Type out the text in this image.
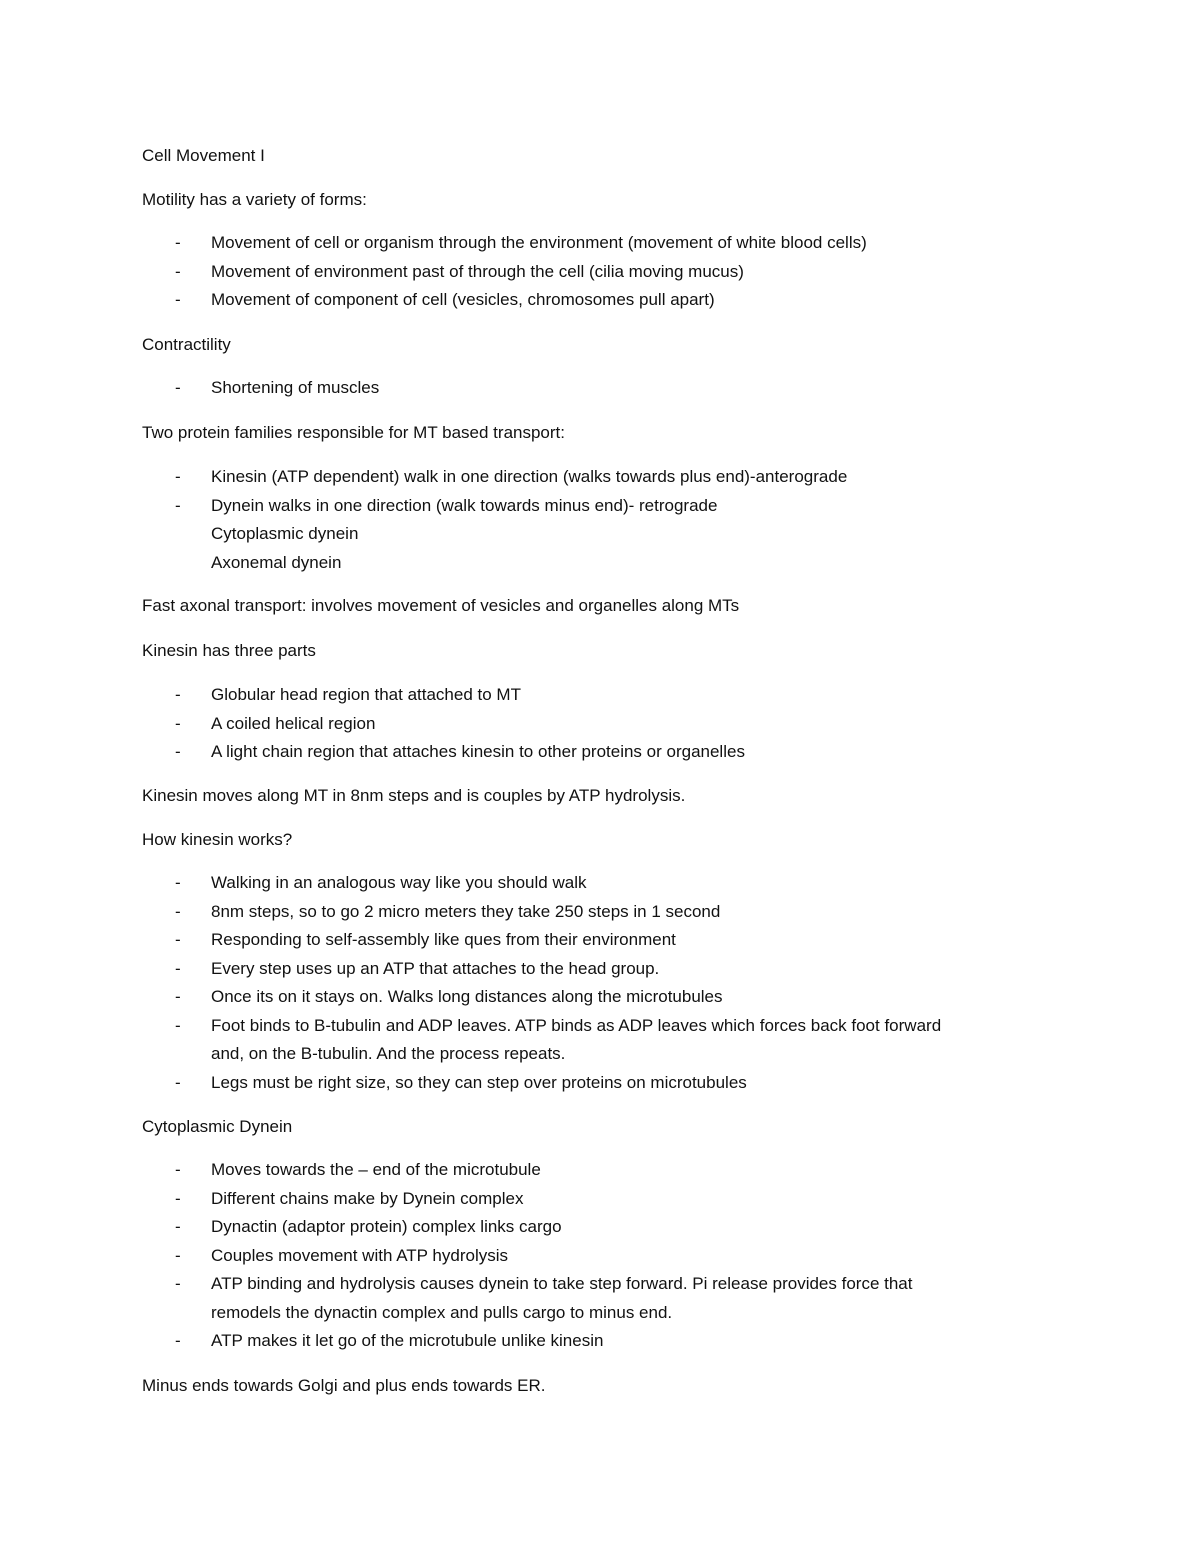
Cell Movement I

Motility has a variety of forms:

- Movement of cell or organism through the environment (movement of white blood cells)
- Movement of environment past of through the cell (cilia moving mucus)
- Movement of component of cell (vesicles, chromosomes pull apart)

Contractility

- Shortening of muscles

Two protein families responsible for MT based transport:

- Kinesin (ATP dependent) walk in one direction (walks towards plus end)-anterograde
- Dynein walks in one direction (walk towards minus end)- retrograde
Cytoplasmic dynein
Axonemal dynein

Fast axonal transport: involves movement of vesicles and organelles along MTs

Kinesin has three parts

- Globular head region that attached to MT
- A coiled helical region
- A light chain region that attaches kinesin to other proteins or organelles

Kinesin moves along MT in 8nm steps and is couples by ATP hydrolysis.

How kinesin works?

- Walking in an analogous way like you should walk
- 8nm steps, so to go 2 micro meters they take 250 steps in 1 second
- Responding to self-assembly like ques from their environment
- Every step uses up an ATP that attaches to the head group.
- Once its on it stays on. Walks long distances along the microtubules
- Foot binds to B-tubulin and ADP leaves. ATP binds as ADP leaves which forces back foot forward
and, on the B-tubulin. And the process repeats.
- Legs must be right size, so they can step over proteins on microtubules

Cytoplasmic Dynein

- Moves towards the – end of the microtubule
- Different chains make by Dynein complex
- Dynactin (adaptor protein) complex links cargo
- Couples movement with ATP hydrolysis
- ATP binding and hydrolysis causes dynein to take step forward. Pi release provides force that
remodels the dynactin complex and pulls cargo to minus end.
- ATP makes it let go of the microtubule unlike kinesin

Minus ends towards Golgi and plus ends towards ER.
